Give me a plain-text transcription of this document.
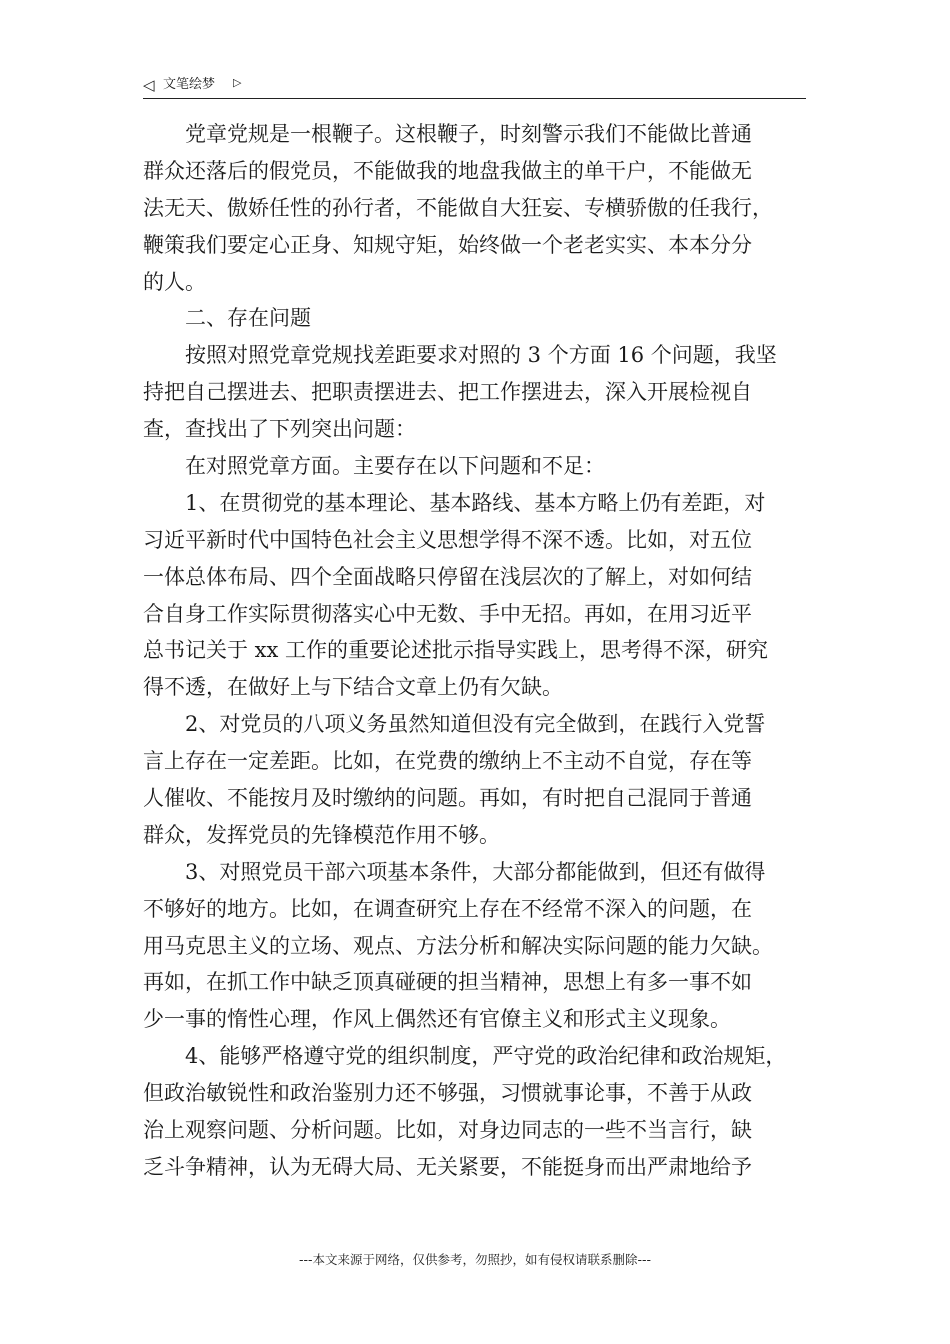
◁ 文笔绘梦 ▷
　　党章党规是一根鞭子。这根鞭子，时刻警示我们不能做比普通
群众还落后的假党员，不能做我的地盘我做主的单干户，不能做无
法无天、傲娇任性的孙行者，不能做自大狂妄、专横骄傲的任我行，
鞭策我们要定心正身、知规守矩，始终做一个老老实实、本本分分
的人。
　　二、存在问题
　　按照对照党章党规找差距要求对照的 3 个方面 16 个问题，我坚
持把自己摆进去、把职责摆进去、把工作摆进去，深入开展检视自
查，查找出了下列突出问题：
　　在对照党章方面。主要存在以下问题和不足：
　　1、在贯彻党的基本理论、基本路线、基本方略上仍有差距，对
习近平新时代中国特色社会主义思想学得不深不透。比如，对五位
一体总体布局、四个全面战略只停留在浅层次的了解上，对如何结
合自身工作实际贯彻落实心中无数、手中无招。再如，在用习近平
总书记关于 xx 工作的重要论述批示指导实践上，思考得不深，研究
得不透，在做好上与下结合文章上仍有欠缺。
　　2、对党员的八项义务虽然知道但没有完全做到，在践行入党誓
言上存在一定差距。比如，在党费的缴纳上不主动不自觉，存在等
人催收、不能按月及时缴纳的问题。再如，有时把自己混同于普通
群众，发挥党员的先锋模范作用不够。
　　3、对照党员干部六项基本条件，大部分都能做到，但还有做得
不够好的地方。比如，在调查研究上存在不经常不深入的问题，在
用马克思主义的立场、观点、方法分析和解决实际问题的能力欠缺。
再如，在抓工作中缺乏顶真碰硬的担当精神，思想上有多一事不如
少一事的惰性心理，作风上偶然还有官僚主义和形式主义现象。
　　4、能够严格遵守党的组织制度，严守党的政治纪律和政治规矩，
但政治敏锐性和政治鉴别力还不够强，习惯就事论事，不善于从政
治上观察问题、分析问题。比如，对身边同志的一些不当言行，缺
乏斗争精神，认为无碍大局、无关紧要，不能挺身而出严肃地给予
---本文来源于网络，仅供参考，勿照抄，如有侵权请联系删除---
